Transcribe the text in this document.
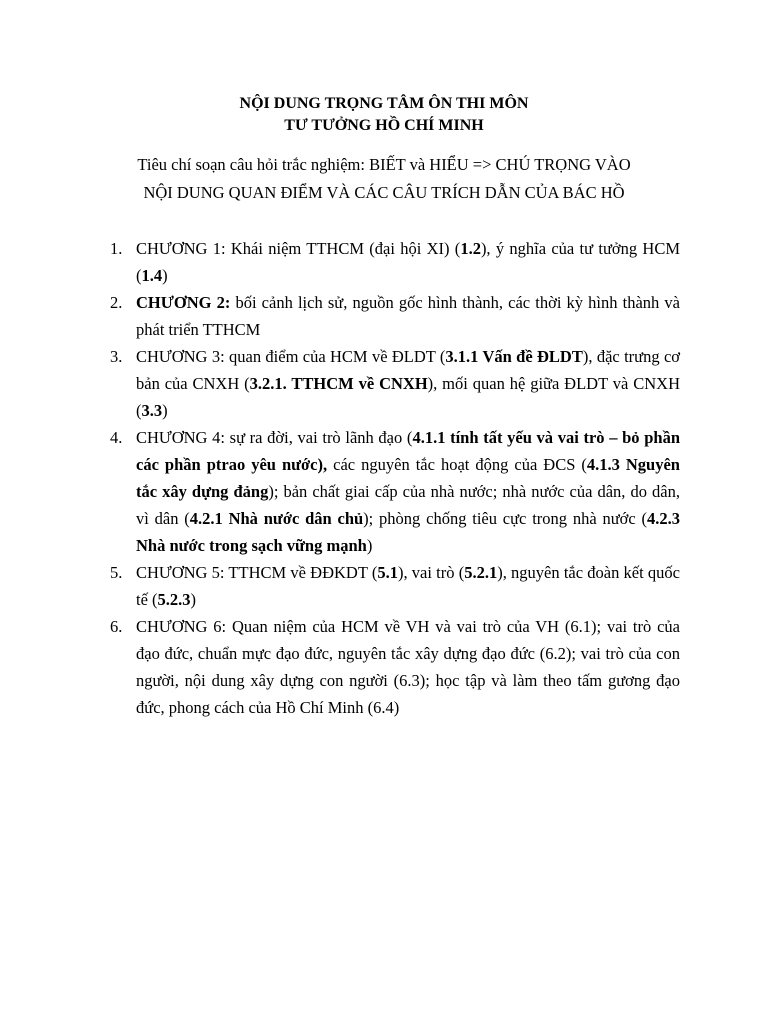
NỘI DUNG TRỌNG TÂM ÔN THI MÔN
TƯ TƯỞNG HỒ CHÍ MINH
Tiêu chí soạn câu hỏi trắc nghiệm: BIẾT và HIỂU => CHÚ TRỌNG VÀO
NỘI DUNG QUAN ĐIỂM VÀ CÁC CÂU TRÍCH DẪN CỦA BÁC HỒ
1. CHƯƠNG 1: Khái niệm TTHCM (đại hội XI) (1.2), ý nghĩa của tư tưởng HCM (1.4)
2. CHƯƠNG 2: bối cảnh lịch sử, nguồn gốc hình thành, các thời kỳ hình thành và phát triển TTHCM
3. CHƯƠNG 3: quan điểm của HCM về ĐLDT (3.1.1 Vấn đề ĐLDT), đặc trưng cơ bản của CNXH (3.2.1. TTHCM về CNXH), mối quan hệ giữa ĐLDT và CNXH (3.3)
4. CHƯƠNG 4: sự ra đời, vai trò lãnh đạo (4.1.1 tính tất yếu và vai trò – bỏ phần các phần ptrao yêu nước), các nguyên tắc hoạt động của ĐCS (4.1.3 Nguyên tắc xây dựng đảng); bản chất giai cấp của nhà nước; nhà nước của dân, do dân, vì dân (4.2.1 Nhà nước dân chủ); phòng chống tiêu cực trong nhà nước (4.2.3 Nhà nước trong sạch vững mạnh)
5. CHƯƠNG 5: TTHCM về ĐĐKDT (5.1), vai trò (5.2.1), nguyên tắc đoàn kết quốc tế (5.2.3)
6. CHƯƠNG 6: Quan niệm của HCM về VH và vai trò của VH (6.1); vai trò của đạo đức, chuẩn mực đạo đức, nguyên tắc xây dựng đạo đức (6.2); vai trò của con người, nội dung xây dựng con người (6.3); học tập và làm theo tấm gương đạo đức, phong cách của Hồ Chí Minh (6.4)
